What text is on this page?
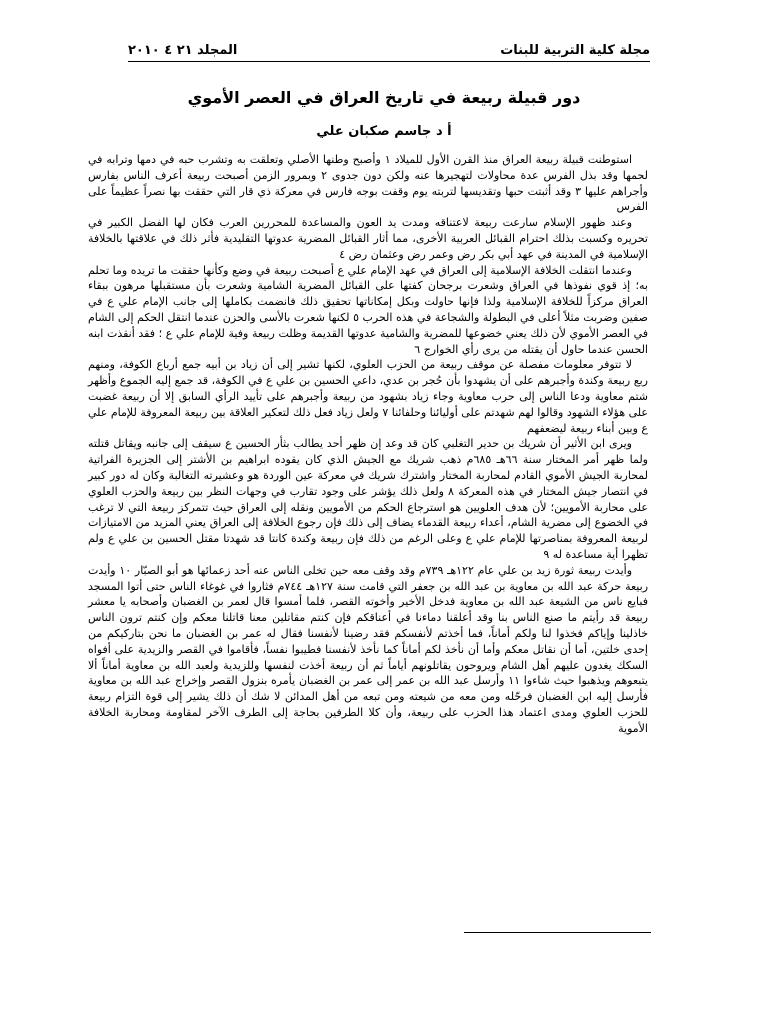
مجلة كلية التربية للبنات
المجلد ٢١ ٤ ٢٠١٠
دور قبيلة ربيعة في تاريخ العراق في العصر الأموي
أ د جاسم صكبان علي

استوطنت قبيلة ربيعة العراق منذ القرن الأول للميلاد ١ وأصبح وطنها الأصلي وتعلقت به وتشرب حبه في دمها وترابه في لحمها وقد بذل الفرس عدة محاولات لتهجيرها عنه ولكن دون جدوى ٢ وبمرور الزمن أصبحت ربيعة أعرف الناس بفارس وأجراهم عليها ٣ وقد أثبتت حبها وتقديسها لتربته يوم وقفت بوجه فارس في معركة ذي قار التي حققت بها نصراً عظيماً على الفرس

وعند ظهور الإسلام سارعت ربيعة لاعتناقه ومدت يد العون والمساعدة للمحررين العرب فكان لها الفضل الكبير في تحريره وكسبت بذلك احترام القبائل العربية الأخرى، مما أثار القبائل المضرية عدوتها التقليدية فأثر ذلك في علاقتها بالخلافة الإسلامية في المدينة في عهد أبي بكر رض وعمر رض وعثمان رض ٤

وعندما انتقلت الخلافة الإسلامية إلى العراق في عهد الإمام علي ع أصبحت ربيعة في وضع وكأنها حققت ما تريده وما تحلم به؛ إذ قوي نفوذها في العراق وشعرت برجحان كفتها على القبائل المضرية الشامية وشعرت بأن مستقبلها مرهون ببقاء العراق مركزاً للخلافة الإسلامية ولذا فإنها حاولت وبكل إمكاناتها تحقيق ذلك فانضمت بكاملها إلى جانب الإمام علي ع في صفين وضربت مثلاً أعلى في البطولة والشجاعة في هذه الحرب ٥ لكنها شعرت بالأسى والحزن عندما انتقل الحكم إلى الشام في العصر الأموي لأن ذلك يعني خضوعها للمضرية والشامية عدوتها القديمة وظلت ربيعة وفية للإمام علي ع ؛ فقد أنقذت ابنه الحسن عندما حاول أن يقتله من يرى رأي الخوارج ٦

لا تتوفر معلومات مفصلة عن موقف ربيعة من الحزب العلوي، لكنها تشير إلى أن زياد بن أبيه جمع أرباع الكوفة، ومنهم ربع ربيعة وكندة وأجبرهم على أن يشهدوا بأن حُجر بن عدي، داعي الحسين بن علي ع في الكوفة، قد جمع إليه الجموع وأظهر شتم معاوية ودعا الناس إلى حرب معاوية وجاء زياد بشهود من ربيعة وأجبرهم على تأييد الرأي السابق إلا أن ربيعة غضبت على هؤلاء الشهود وقالوا لهم شهدتم على أوليائنا وحلفائنا ٧ ولعل زياد فعل ذلك لتعكير العلاقة بين ربيعة المعروفة للإمام علي ع وبين أبناء ربيعة ليضعفهم

ويرى ابن الأثير أن شريك بن حدير التغلبي كان قد وعد إن ظهر أحد يطالب بثأر الحسين ع سيقف إلى جانبه ويقاتل قتلته ولما ظهر أمر المختار سنة ٦٦هـ ٦٨٥م ذهب شريك مع الجيش الذي كان يقوده ابراهيم بن الأشتر إلى الجزيرة الفراتية لمحاربة الجيش الأموي القادم لمحاربة المختار واشترك شريك في معركة عين الوردة هو وعشيرته التغالبة وكان له دور كبير في انتصار جيش المختار في هذه المعركة ٨ ولعل ذلك يؤشر على وجود تقارب في وجهات النظر بين ربيعة والحزب العلوي على محاربة الأمويين؛ لأن هدف العلويين هو استرجاع الحكم من الأمويين ونقله إلى العراق حيث تتمركز ربيعة التي لا ترغب في الخضوع إلى مضرية الشام، أعداء ربيعة القدماء يضاف إلى ذلك فإن رجوع الخلافة إلى العراق يعني المزيد من الامتيازات لربيعة المعروفة بمناصرتها للإمام علي ع وعلى الرغم من ذلك فإن ربيعة وكندة كانتا قد شهدتا مقتل الحسين بن علي ع ولم تظهرا أية مساعدة له ٩

وأيدت ربيعة ثورة زيد بن علي عام ١٢٢هـ ٧٣٩م وقد وقف معه حين تخلى الناس عنه أحد زعمائها هو أبو الصبّار ١٠ وأيدت ربيعة حركة عبد الله بن معاوية بن عبد الله بن جعفر التي قامت سنة ١٢٧هـ ٧٤٤م فثاروا في غوغاء الناس حتى أتوا المسجد فبايع ناس من الشيعة عبد الله بن معاوية فدخل الأخير وأخوته القصر، فلما أمسوا قال لعمر بن الغضبان وأصحابه يا معشر ربيعة قد رأيتم ما صنع الناس بنا وقد أعلقنا دماءنا في أعناقكم فإن كنتم مقاتلين معنا قاتلنا معكم وإن كنتم ترون الناس خاذلينا وإياكم فخذوا لنا ولكم أماناً، فما أخذتم لأنفسكم فقد رضينا لأنفسنا فقال له عمر بن الغضبان ما نحن بتاركيكم من إحدى خلتين، أما أن نقاتل معكم وأما أن نأخذ لكم أماناً كما نأخذ لأنفسنا فطيبوا نفساً، فأقاموا في القصر والزيدية على أفواه السكك يغدون عليهم أهل الشام ويروحون يقاتلونهم أياماً ثم أن ربيعة أخذت لنفسها وللزيدية ولعبد الله بن معاوية أماناً ألا يتبعوهم ويذهبوا حيث شاءوا ١١ وأرسل عبد الله بن عمر إلى عمر بن الغضبان يأمره بنزول القصر وإخراج عبد الله بن معاوية فأرسل إليه ابن الغضبان فرحّله ومن معه من شيعته ومن تبعه من أهل المدائن لا شك أن ذلك يشير إلى قوة التزام ربيعة للحزب العلوي ومدى اعتماد هذا الحزب على ربيعة، وأن كلا الطرفين بحاجة إلى الطرف الآخر لمقاومة ومحاربة الخلافة الأموية
